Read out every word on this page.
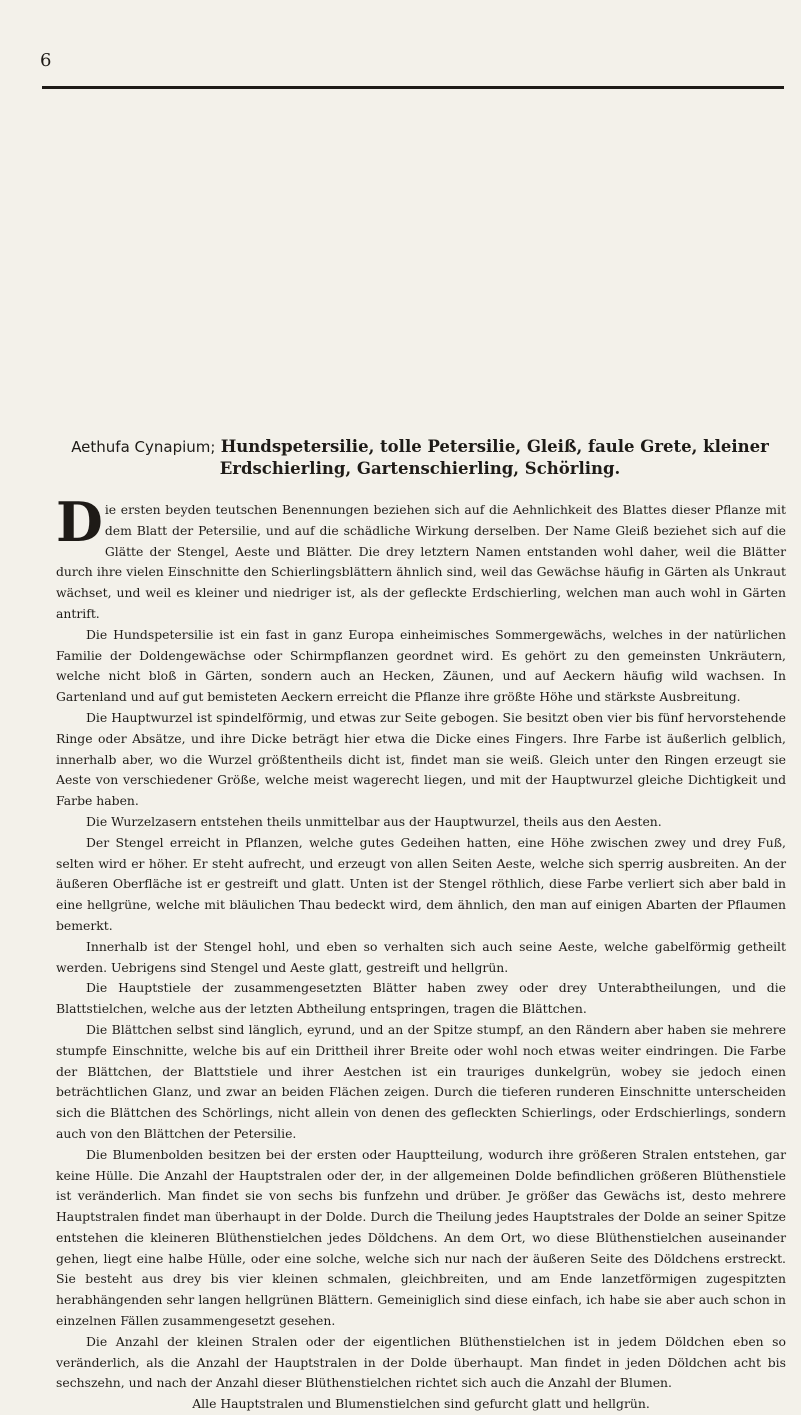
6
Aethufa Cynapium; Hundspetersilie, tolle Petersilie, Gleiß, faule Grete, kleiner Erdschierling, Gartenschierling, Schörling.

Die ersten beyden teutschen Benennungen beziehen sich auf die Aehnlichkeit des Blattes dieser Pflanze mit dem Blatt der Petersilie, und auf die schädliche Wirkung derselben. Der Name Gleiß beziehet sich auf die Glätte der Stengel, Aeste und Blätter. Die drey letztern Namen entstanden wohl daher, weil die Blätter durch ihre vielen Einschnitte den Schierlingsblättern ähnlich sind, weil das Gewächse häufig in Gärten als Unkraut wächset, und weil es kleiner und niedriger ist, als der gefleckte Erdschierling, welchen man auch wohl in Gärten antrift.

Die Hundspetersilie ist ein fast in ganz Europa einheimisches Sommergewächs, welches in der natürlichen Familie der Doldengewächse oder Schirmpflanzen geordnet wird. Es gehört zu den gemeinsten Unkräutern, welche nicht bloß in Gärten, sondern auch an Hecken, Zäunen, und auf Aeckern häufig wild wachsen. In Gartenland und auf gut bemisteten Aeckern erreicht die Pflanze ihre größte Höhe und stärkste Ausbreitung.

Die Hauptwurzel ist spindelförmig, und etwas zur Seite gebogen. Sie besitzt oben vier bis fünf hervorstehende Ringe oder Absätze, und ihre Dicke beträgt hier etwa die Dicke eines Fingers. Ihre Farbe ist äußerlich gelblich, innerhalb aber, wo die Wurzel größtentheils dicht ist, findet man sie weiß. Gleich unter den Ringen erzeugt sie Aeste von verschiedener Größe, welche meist wagerecht liegen, und mit der Hauptwurzel gleiche Dichtigkeit und Farbe haben.

Die Wurzelzasern entstehen theils unmittelbar aus der Hauptwurzel, theils aus den Aesten.

Der Stengel erreicht in Pflanzen, welche gutes Gedeihen hatten, eine Höhe zwischen zwey und drey Fuß, selten wird er höher. Er steht aufrecht, und erzeugt von allen Seiten Aeste, welche sich sperrig ausbreiten. An der äußeren Oberfläche ist er gestreift und glatt. Unten ist der Stengel röthlich, diese Farbe verliert sich aber bald in eine hellgrüne, welche mit bläulichen Thau bedeckt wird, dem ähnlich, den man auf einigen Abarten der Pflaumen bemerkt.

Innerhalb ist der Stengel hohl, und eben so verhalten sich auch seine Aeste, welche gabelförmig getheilt werden. Uebrigens sind Stengel und Aeste glatt, gestreift und hellgrün.

Die Hauptstiele der zusammengesetzten Blätter haben zwey oder drey Unterabtheilungen, und die Blattstielchen, welche aus der letzten Abtheilung entspringen, tragen die Blättchen.

Die Blättchen selbst sind länglich, eyrund, und an der Spitze stumpf, an den Rändern aber haben sie mehrere stumpfe Einschnitte, welche bis auf ein Drittheil ihrer Breite oder wohl noch etwas weiter eindringen. Die Farbe der Blättchen, der Blattstiele und ihrer Aestchen ist ein trauriges dunkelgrün, wobey sie jedoch einen beträchtlichen Glanz, und zwar an beiden Flächen zeigen. Durch die tieferen runderen Einschnitte unterscheiden sich die Blättchen des Schörlings, nicht allein von denen des gefleckten Schierlings, oder Erdschierlings, sondern auch von den Blättchen der Petersilie.

Die Blumenbolden besitzen bei der ersten oder Hauptteilung, wodurch ihre größeren Stralen entstehen, gar keine Hülle. Die Anzahl der Hauptstralen oder der, in der allgemeinen Dolde befindlichen größeren Blüthenstiele ist veränderlich. Man findet sie von sechs bis funfzehn und drüber. Je größer das Gewächs ist, desto mehrere Hauptstralen findet man überhaupt in der Dolde. Durch die Theilung jedes Hauptstrales der Dolde an seiner Spitze entstehen die kleineren Blüthenstielchen jedes Döldchens. An dem Ort, wo diese Blüthenstielchen auseinander gehen, liegt eine halbe Hülle, oder eine solche, welche sich nur nach der äußeren Seite des Döldchens erstreckt. Sie besteht aus drey bis vier kleinen schmalen, gleichbreiten, und am Ende lanzetförmigen zugespitzten herabhängenden sehr langen hellgrünen Blättern. Gemeiniglich sind diese einfach, ich habe sie aber auch schon in einzelnen Fällen zusammengesetzt gesehen.

Die Anzahl der kleinen Stralen oder der eigentlichen Blüthenstielchen ist in jedem Döldchen eben so veränderlich, als die Anzahl der Hauptstralen in der Dolde überhaupt. Man findet in jeden Döldchen acht bis sechszehn, und nach der Anzahl dieser Blüthenstielchen richtet sich auch die Anzahl der Blumen.

Alle Hauptstralen und Blumenstielchen sind gefurcht glatt und hellgrün.
